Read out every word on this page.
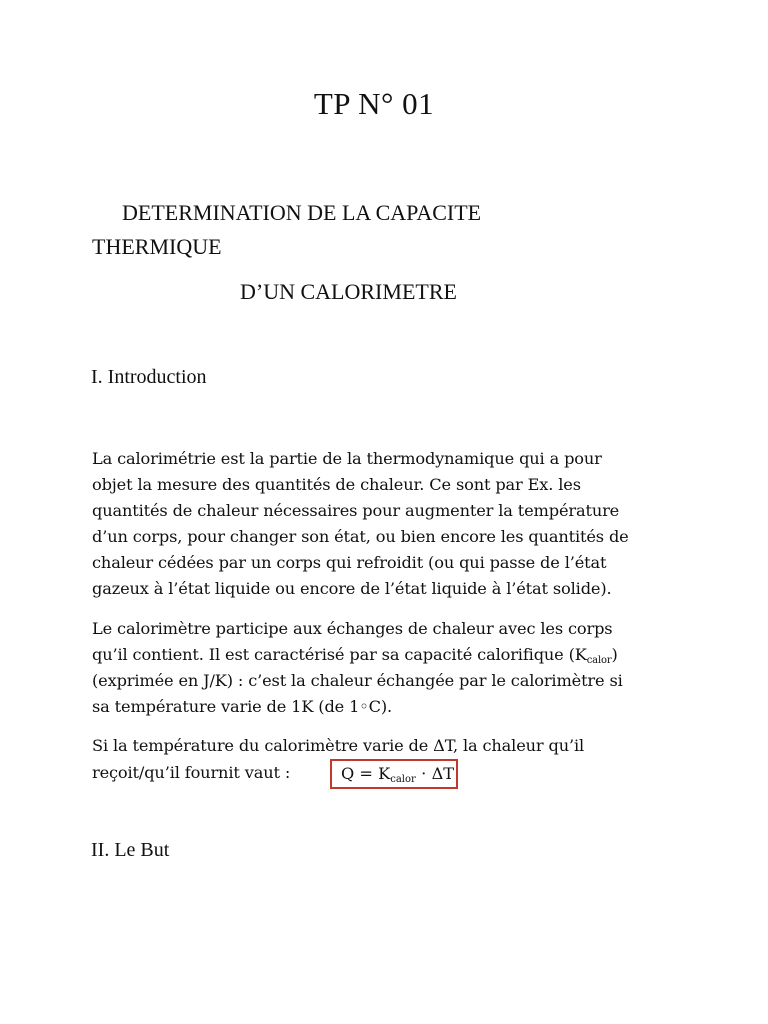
TP N° 01
DETERMINATION DE LA CAPACITE
THERMIQUE
D’UN CALORIMETRE
I. Introduction
La calorimétrie est la partie de la thermodynamique qui a pour
objet la mesure des quantités de chaleur. Ce sont par Ex. les
quantités de chaleur nécessaires pour augmenter la température
d’un corps, pour changer son état, ou bien encore les quantités de
chaleur cédées par un corps qui refroidit (ou qui passe de l’état
gazeux à l’état liquide ou encore de l’état liquide à l’état solide).
Le calorimètre participe aux échanges de chaleur avec les corps
qu’il contient. Il est caractérisé par sa capacité calorifique $(K_{calor})$
(exprimée en J/K) : c’est la chaleur échangée par le calorimètre si
sa température varie de 1K (de 1◦C).
Si la température du calorimètre varie de ΔT, la chaleur qu’il
reçoit/qu’il fournit vaut :	$Q = K_{calor} \cdot \Delta T$
II. Le But
